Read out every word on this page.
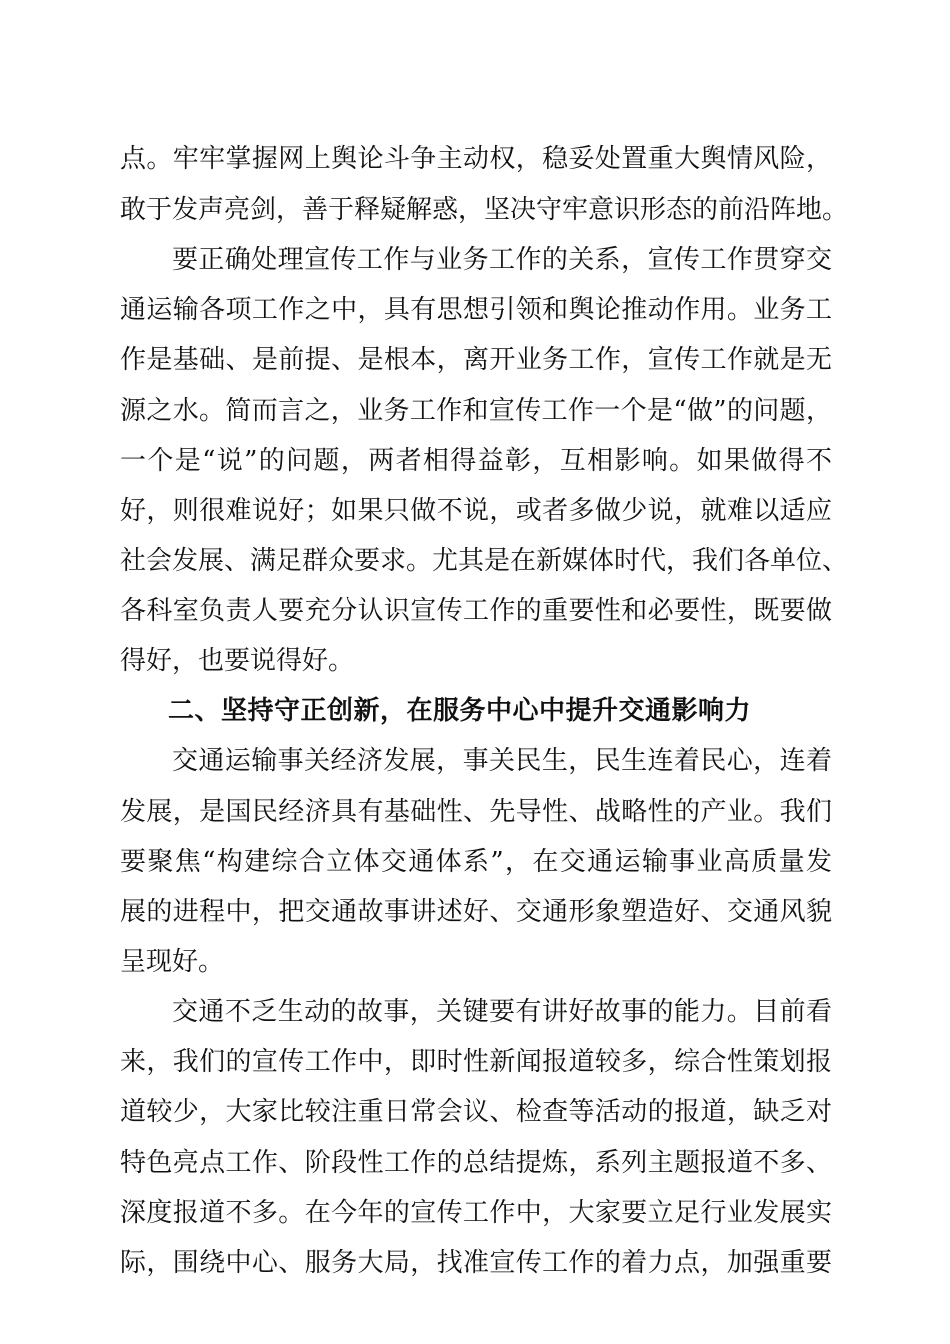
点。牢牢掌握网上舆论斗争主动权，稳妥处置重大舆情风险，
敢于发声亮剑，善于释疑解惑，坚决守牢意识形态的前沿阵地。
要正确处理宣传工作与业务工作的关系，宣传工作贯穿交
通运输各项工作之中，具有思想引领和舆论推动作用。业务工
作是基础、是前提、是根本，离开业务工作，宣传工作就是无
源之水。简而言之，业务工作和宣传工作一个是“做”的问题，
一个是“说”的问题，两者相得益彰，互相影响。如果做得不
好，则很难说好；如果只做不说，或者多做少说，就难以适应
社会发展、满足群众要求。尤其是在新媒体时代，我们各单位、
各科室负责人要充分认识宣传工作的重要性和必要性，既要做
得好，也要说得好。
二、坚持守正创新，在服务中心中提升交通影响力
交通运输事关经济发展，事关民生，民生连着民心，连着
发展，是国民经济具有基础性、先导性、战略性的产业。我们
要聚焦“构建综合立体交通体系”，在交通运输事业高质量发
展的进程中，把交通故事讲述好、交通形象塑造好、交通风貌
呈现好。
交通不乏生动的故事，关键要有讲好故事的能力。目前看
来，我们的宣传工作中，即时性新闻报道较多，综合性策划报
道较少，大家比较注重日常会议、检查等活动的报道，缺乏对
特色亮点工作、阶段性工作的总结提炼，系列主题报道不多、
深度报道不多。在今年的宣传工作中，大家要立足行业发展实
际，围绕中心、服务大局，找准宣传工作的着力点，加强重要
